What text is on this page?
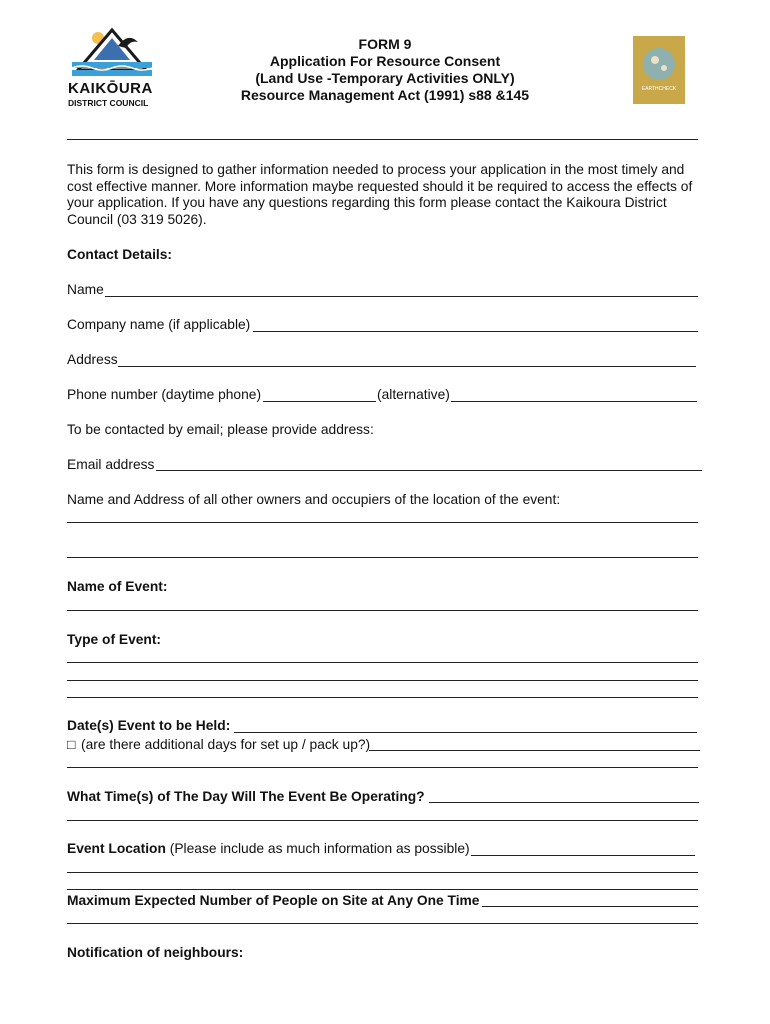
KAIKŌURA
DISTRICT COUNCIL
FORM 9
Application For Resource Consent
(Land Use -Temporary Activities ONLY)
Resource Management Act (1991) s88 &145	EARTHCHECK
This form is designed to gather information needed to process your application in the most timely and
cost effective manner. More information maybe requested should it be required to access the effects of
your application. If you have any questions regarding this form please contact the Kaikoura District
Council (03 319 5026).
Contact Details:
Name
Company name (if applicable)
Address
Phone number (daytime phone)	(alternative)
To be contacted by email; please provide address:
Email address
Name and Address of all other owners and occupiers of the location of the event:
Name of Event:
Type of Event:
Date(s) Event to be Held:
□ (are there additional days for set up / pack up?)
What Time(s) of The Day Will The Event Be Operating?
Event Location (Please include as much information as possible)
Maximum Expected Number of People on Site at Any One Time
Notification of neighbours:
